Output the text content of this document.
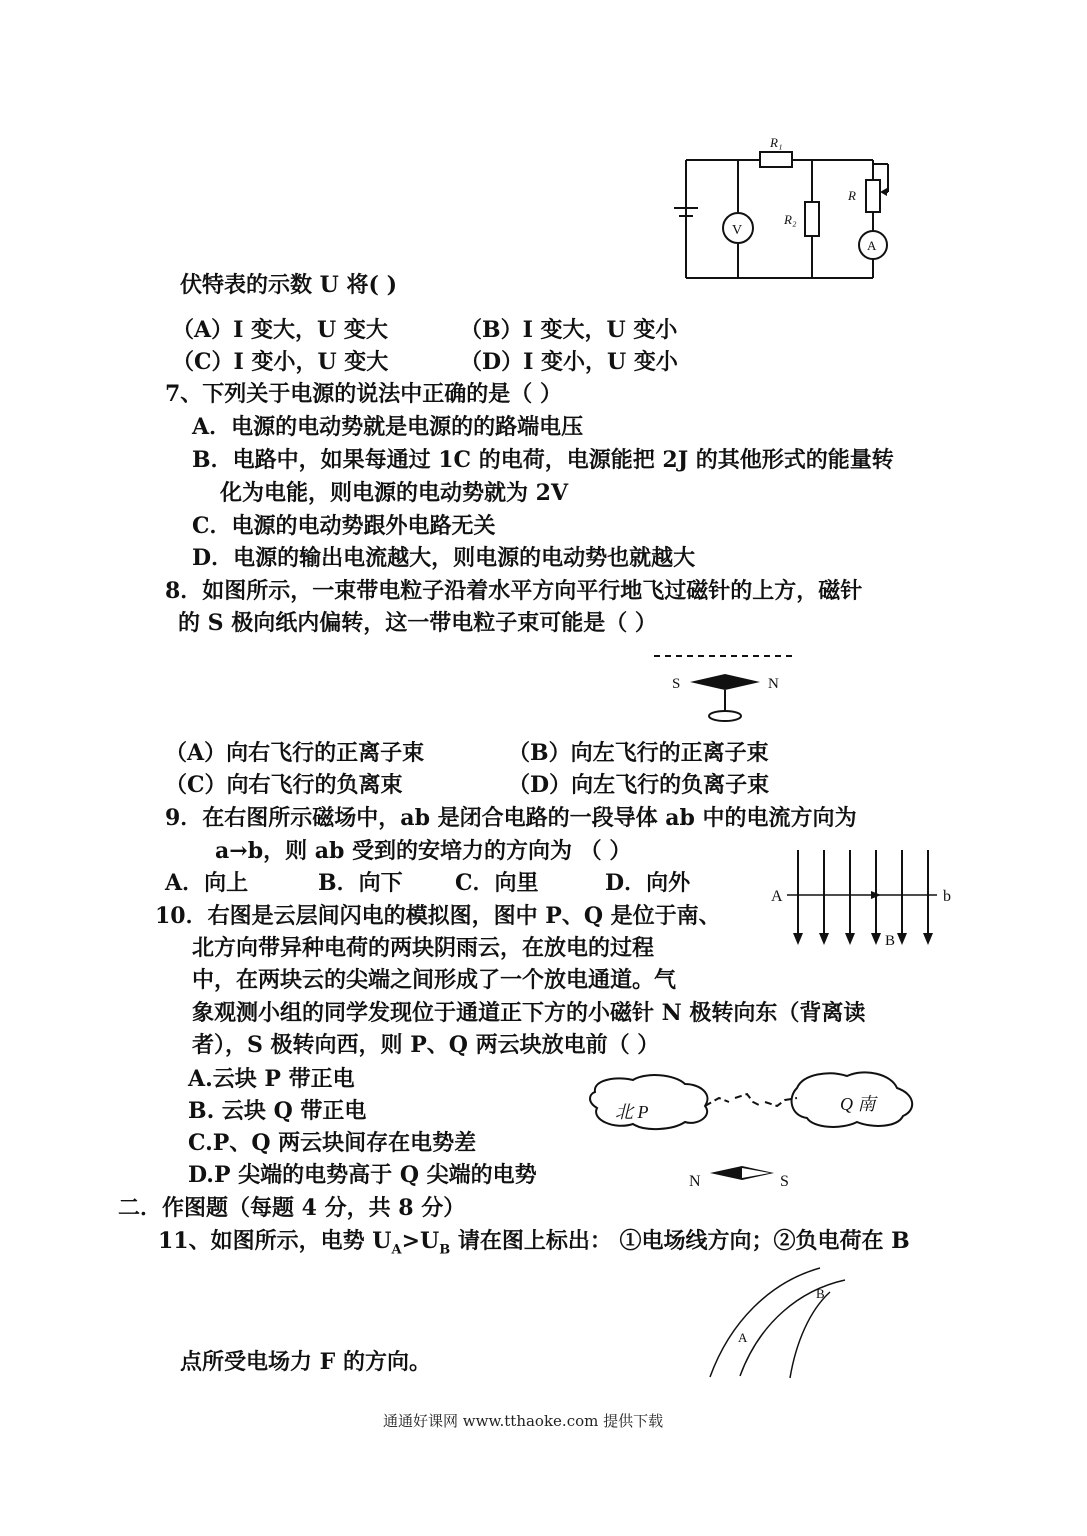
R₁
R₂
R
V
A
伏特表的示数 U 将( )
（A）I 变大，U 变大	（B）I 变大，U 变小
（C）I 变小，U 变大	（D）I 变小，U 变小
7、下列关于电源的说法中正确的是（ ）
A．电源的电动势就是电源的的路端电压
B．电路中，如果每通过 1C 的电荷，电源能把 2J 的其他形式的能量转
化为电能，则电源的电动势就为 2V
C．电源的电动势跟外电路无关
D．电源的输出电流越大，则电源的电动势也就越大
8．如图所示，一束带电粒子沿着水平方向平行地飞过磁针的上方，磁针
的 S 极向纸内偏转，这一带电粒子束可能是（ ）
S	N
（A）向右飞行的正离子束	（B）向左飞行的正离子束
（C）向右飞行的负离束	（D）向左飞行的负离子束
9．在右图所示磁场中，ab 是闭合电路的一段导体 ab 中的电流方向为
a→b，则 ab 受到的安培力的方向为 （ ）
A．向上	B．向下 C．向里	D．向外
A	b
B
10．右图是云层间闪电的模拟图，图中 P、Q 是位于南、
北方向带异种电荷的两块阴雨云，在放电的过程
中，在两块云的尖端之间形成了一个放电通道。气
象观测小组的同学发现位于通道正下方的小磁针 N 极转向东（背离读
者），S 极转向西，则 P、Q 两云块放电前（ ）
A.云块 P 带正电
B. 云块 Q 带正电
C.P、Q 两云块间存在电势差
D.P 尖端的电势高于 Q 尖端的电势
北 P	Q 南
N	S
二．作图题（每题 4 分，共 8 分）
11、如图所示，电势 $U_A>U_B$ 请在图上标出： ①电场线方向；②负电荷在 B
A
B
点所受电场力 F 的方向。
通通好课网 www.tthaoke.com 提供下载
